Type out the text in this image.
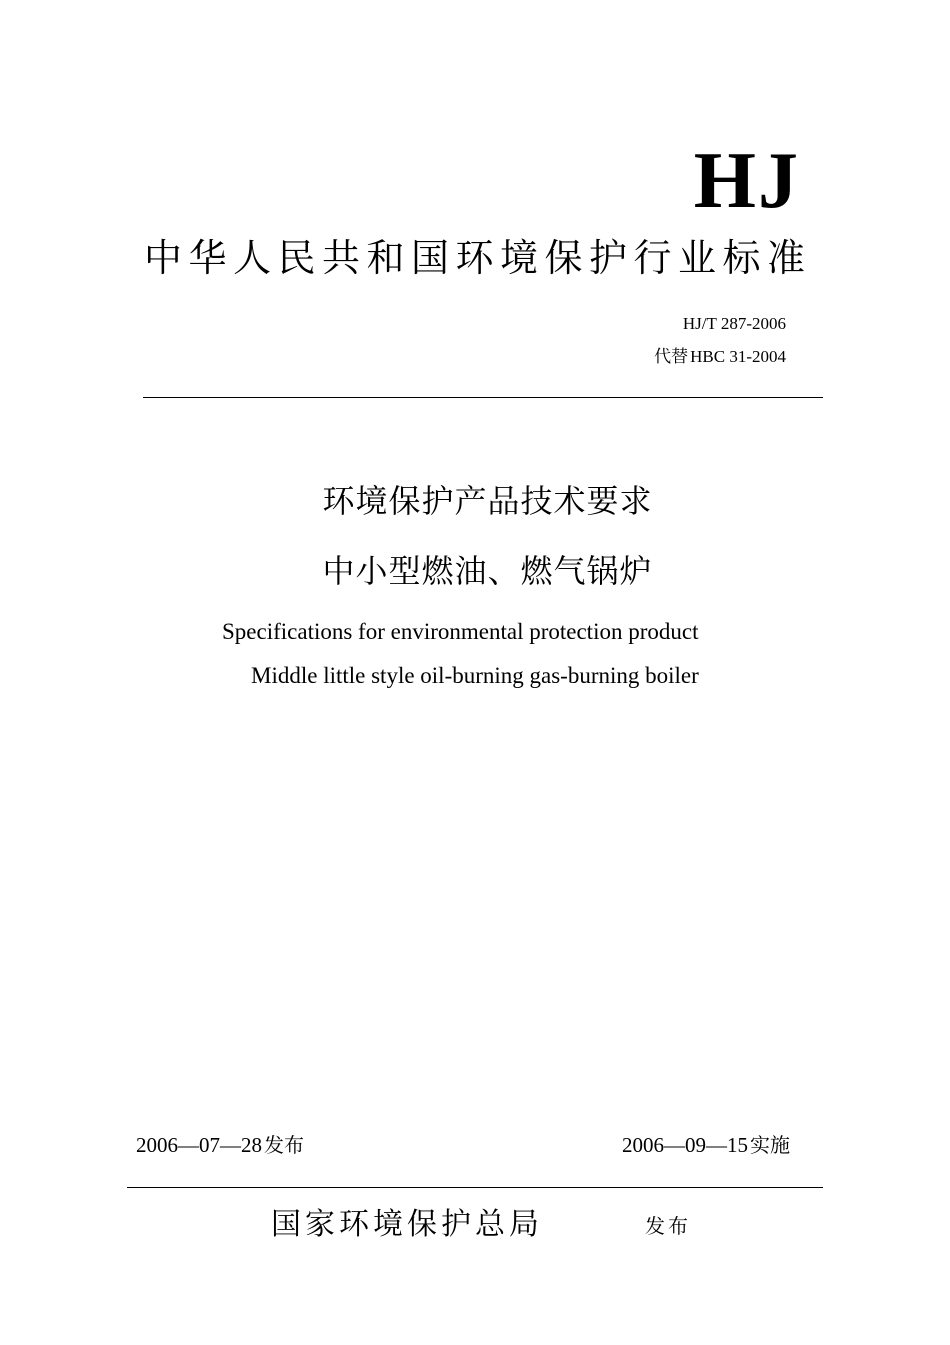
HJ
中华人民共和国环境保护行业标准
HJ/T 287-2006
代替 HBC 31-2004
环境保护产品技术要求
中小型燃油、燃气锅炉
Specifications for environmental protection product
Middle little style oil-burning gas-burning boiler
2006—07—28 发布	2006—09—15 实施
国家环境保护总局	发布
